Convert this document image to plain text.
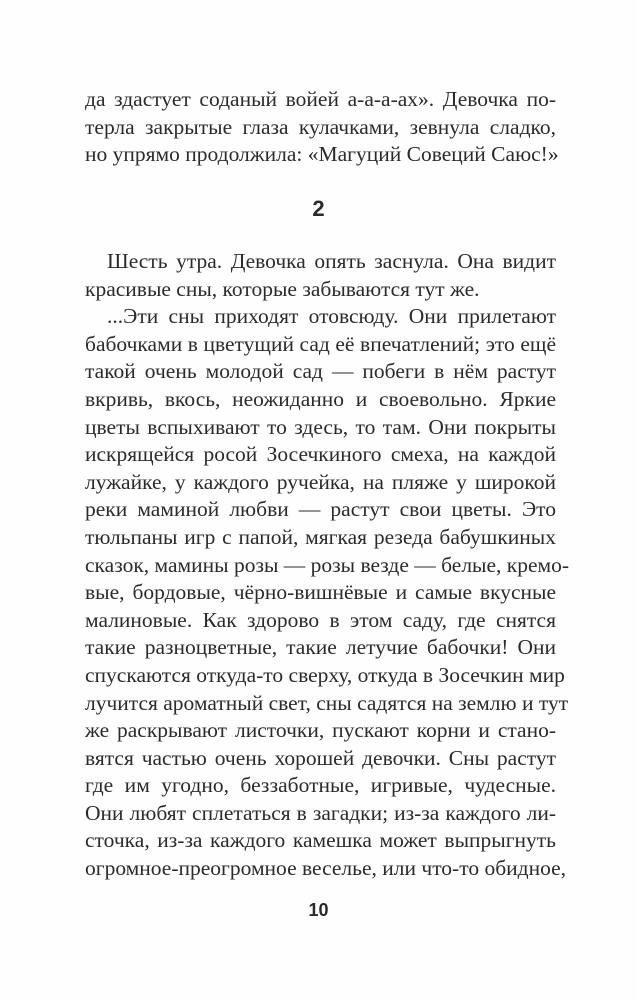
да здастует соданый войей а-а-а-ах». Девочка по-
терла закрытые глаза кулачками, зевнула сладко,
но упрямо продолжила: «Магуций Совеций Саюс!»
2
Шесть утра. Девочка опять заснула. Она видит
красивые сны, которые забываются тут же.
...Эти сны приходят отовсюду. Они прилетают
бабочками в цветущий сад её впечатлений; это ещё
такой очень молодой сад — побеги в нём растут
вкривь, вкось, неожиданно и своевольно. Яркие
цветы вспыхивают то здесь, то там. Они покрыты
искрящейся росой Зосечкиного смеха, на каждой
лужайке, у каждого ручейка, на пляже у широкой
реки маминой любви — растут свои цветы. Это
тюльпаны игр с папой, мягкая резеда бабушкиных
сказок, мамины розы — розы везде — белые, кремо-
вые, бордовые, чёрно-вишнёвые и самые вкусные
малиновые. Как здорово в этом саду, где снятся
такие разноцветные, такие летучие бабочки! Они
спускаются откуда-то сверху, откуда в Зосечкин мир
лучится ароматный свет, сны садятся на землю и тут
же раскрывают листочки, пускают корни и стано-
вятся частью очень хорошей девочки. Сны растут
где им угодно, беззаботные, игривые, чудесные.
Они любят сплетаться в загадки; из-за каждого ли-
сточка, из-за каждого камешка может выпрыгнуть
огромное-преогромное веселье, или что-то обидное,
10
